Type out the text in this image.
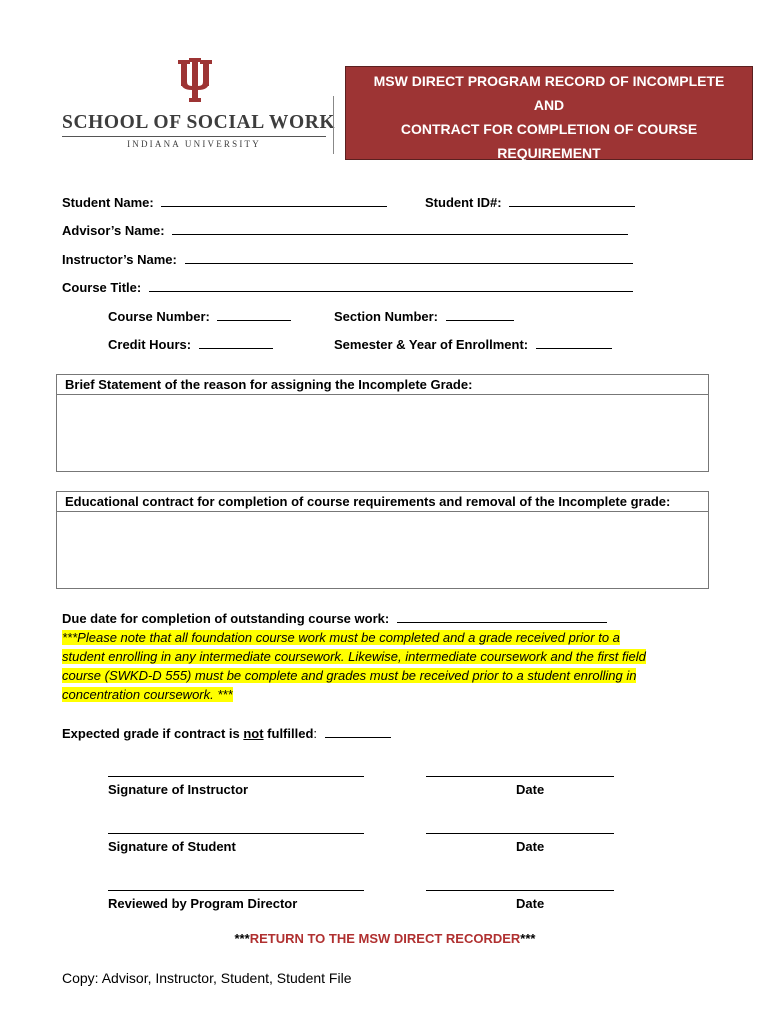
SCHOOL OF SOCIAL WORK
INDIANA UNIVERSITY
MSW DIRECT PROGRAM RECORD OF INCOMPLETE
AND
CONTRACT FOR COMPLETION OF COURSE
REQUIREMENT
Student Name:	Student ID#:
Advisor’s Name:
Instructor’s Name:
Course Title:
Course Number:	Section Number:
Credit Hours:	Semester & Year of Enrollment:
Brief Statement of the reason for assigning the Incomplete Grade:
Educational contract for completion of course requirements and removal of the Incomplete grade:
Due date for completion of outstanding course work:
***Please note that all foundation course work must be completed and a grade received prior to a
student enrolling in any intermediate coursework. Likewise, intermediate coursework and the first field
course (SWKD-D 555) must be complete and grades must be received prior to a student enrolling in
concentration coursework. ***
Expected grade if contract is not fulfilled:
Signature of Instructor	Date
Signature of Student	Date
Reviewed by Program Director	Date
***RETURN TO THE MSW DIRECT RECORDER***
Copy: Advisor, Instructor, Student, Student File
